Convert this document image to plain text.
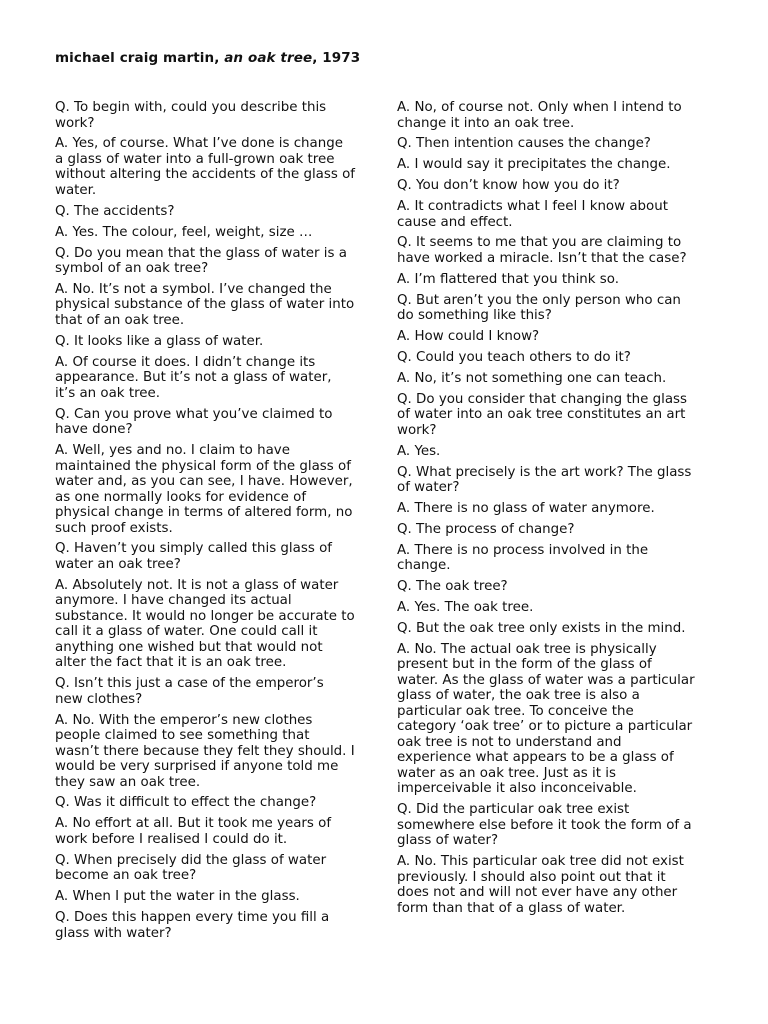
michael craig martin, an oak tree, 1973

Q. To begin with, could you describe this work?

A. Yes, of course. What I’ve done is change a glass of water into a full-grown oak tree without altering the accidents of the glass of water.

Q. The accidents?

A. Yes. The colour, feel, weight, size …

Q. Do you mean that the glass of water is a symbol of an oak tree?

A. No. It’s not a symbol. I’ve changed the physical substance of the glass of water into that of an oak tree.

Q. It looks like a glass of water.

A. Of course it does. I didn’t change its appearance. But it’s not a glass of water, it’s an oak tree.

Q. Can you prove what you’ve claimed to have done?

A. Well, yes and no. I claim to have maintained the physical form of the glass of water and, as you can see, I have. However, as one normally looks for evidence of physical change in terms of altered form, no such proof exists.

Q. Haven’t you simply called this glass of water an oak tree?

A. Absolutely not. It is not a glass of water anymore. I have changed its actual substance. It would no longer be accurate to call it a glass of water. One could call it anything one wished but that would not alter the fact that it is an oak tree.

Q. Isn’t this just a case of the emperor’s new clothes?

A. No. With the emperor’s new clothes people claimed to see something that wasn’t there because they felt they should. I would be very surprised if anyone told me they saw an oak tree.

Q. Was it difficult to effect the change?

A. No effort at all. But it took me years of work before I realised I could do it.

Q. When precisely did the glass of water become an oak tree?

A. When I put the water in the glass.

Q. Does this happen every time you fill a glass with water?

A. No, of course not. Only when I intend to change it into an oak tree.

Q. Then intention causes the change?

A. I would say it precipitates the change.

Q. You don’t know how you do it?

A. It contradicts what I feel I know about cause and effect.

Q. It seems to me that you are claiming to have worked a miracle. Isn’t that the case?

A. I’m flattered that you think so.

Q. But aren’t you the only person who can do something like this?

A. How could I know?

Q. Could you teach others to do it?

A. No, it’s not something one can teach.

Q. Do you consider that changing the glass of water into an oak tree constitutes an art work?

A. Yes.

Q. What precisely is the art work? The glass of water?

A. There is no glass of water anymore.

Q. The process of change?

A. There is no process involved in the change.

Q. The oak tree?

A. Yes. The oak tree.

Q. But the oak tree only exists in the mind.

A. No. The actual oak tree is physically present but in the form of the glass of water. As the glass of water was a particular glass of water, the oak tree is also a particular oak tree. To conceive the category ‘oak tree’ or to picture a particular oak tree is not to understand and experience what appears to be a glass of water as an oak tree. Just as it is imperceivable it also inconceivable.

Q. Did the particular oak tree exist somewhere else before it took the form of a glass of water?

A. No. This particular oak tree did not exist previously. I should also point out that it does not and will not ever have any other form than that of a glass of water.
